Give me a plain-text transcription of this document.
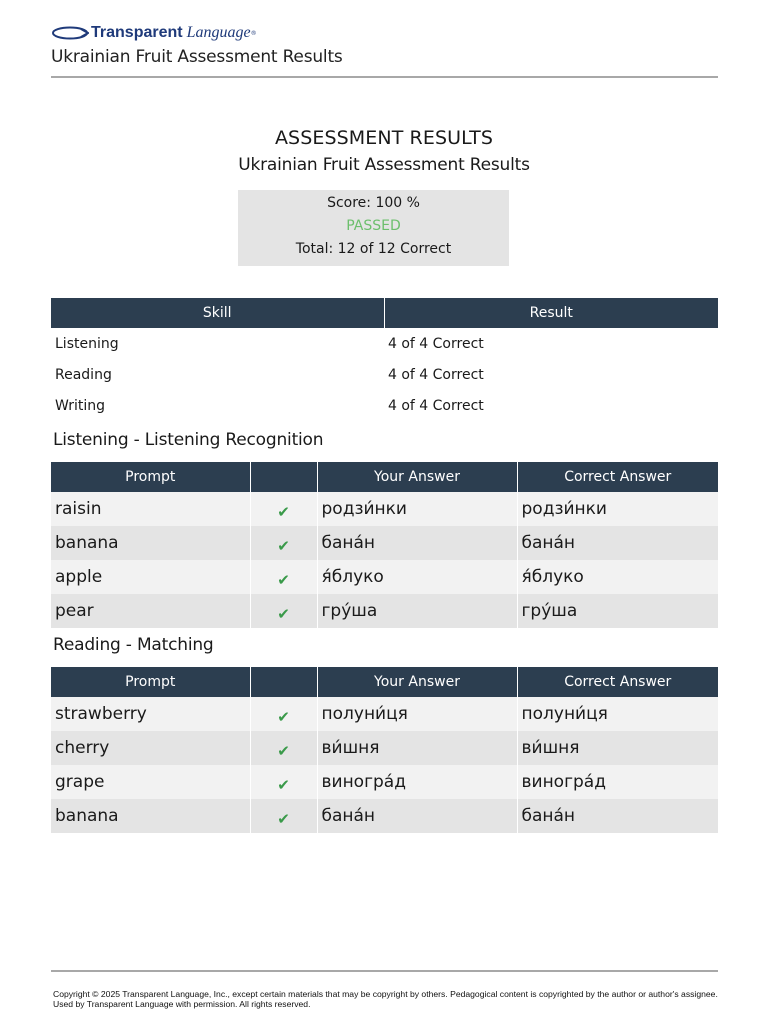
Transparent Language ®
Ukrainian Fruit Assessment Results
ASSESSMENT RESULTS
Ukrainian Fruit Assessment Results
Score: 100 %
PASSED
Total: 12 of 12 Correct
Skill	Result
Listening	4 of 4 Correct
Reading	4 of 4 Correct
Writing	4 of 4 Correct
Listening - Listening Recognition
Prompt		Your Answer	Correct Answer
raisin	✔	родзи́нки	родзи́нки
banana	✔	бана́н	бана́н
apple	✔	я́блуко	я́блуко
pear	✔	гру́ша	гру́ша
Reading - Matching
Prompt		Your Answer	Correct Answer
strawberry	✔	полуни́ця	полуни́ця
cherry	✔	ви́шня	ви́шня
grape	✔	виногра́д	виногра́д
banana	✔	бана́н	бана́н
Copyright © 2025 Transparent Language, Inc., except certain materials that may be copyright by others. Pedagogical content is copyrighted by the author or author's assignee. Used by Transparent Language with permission. All rights reserved.
